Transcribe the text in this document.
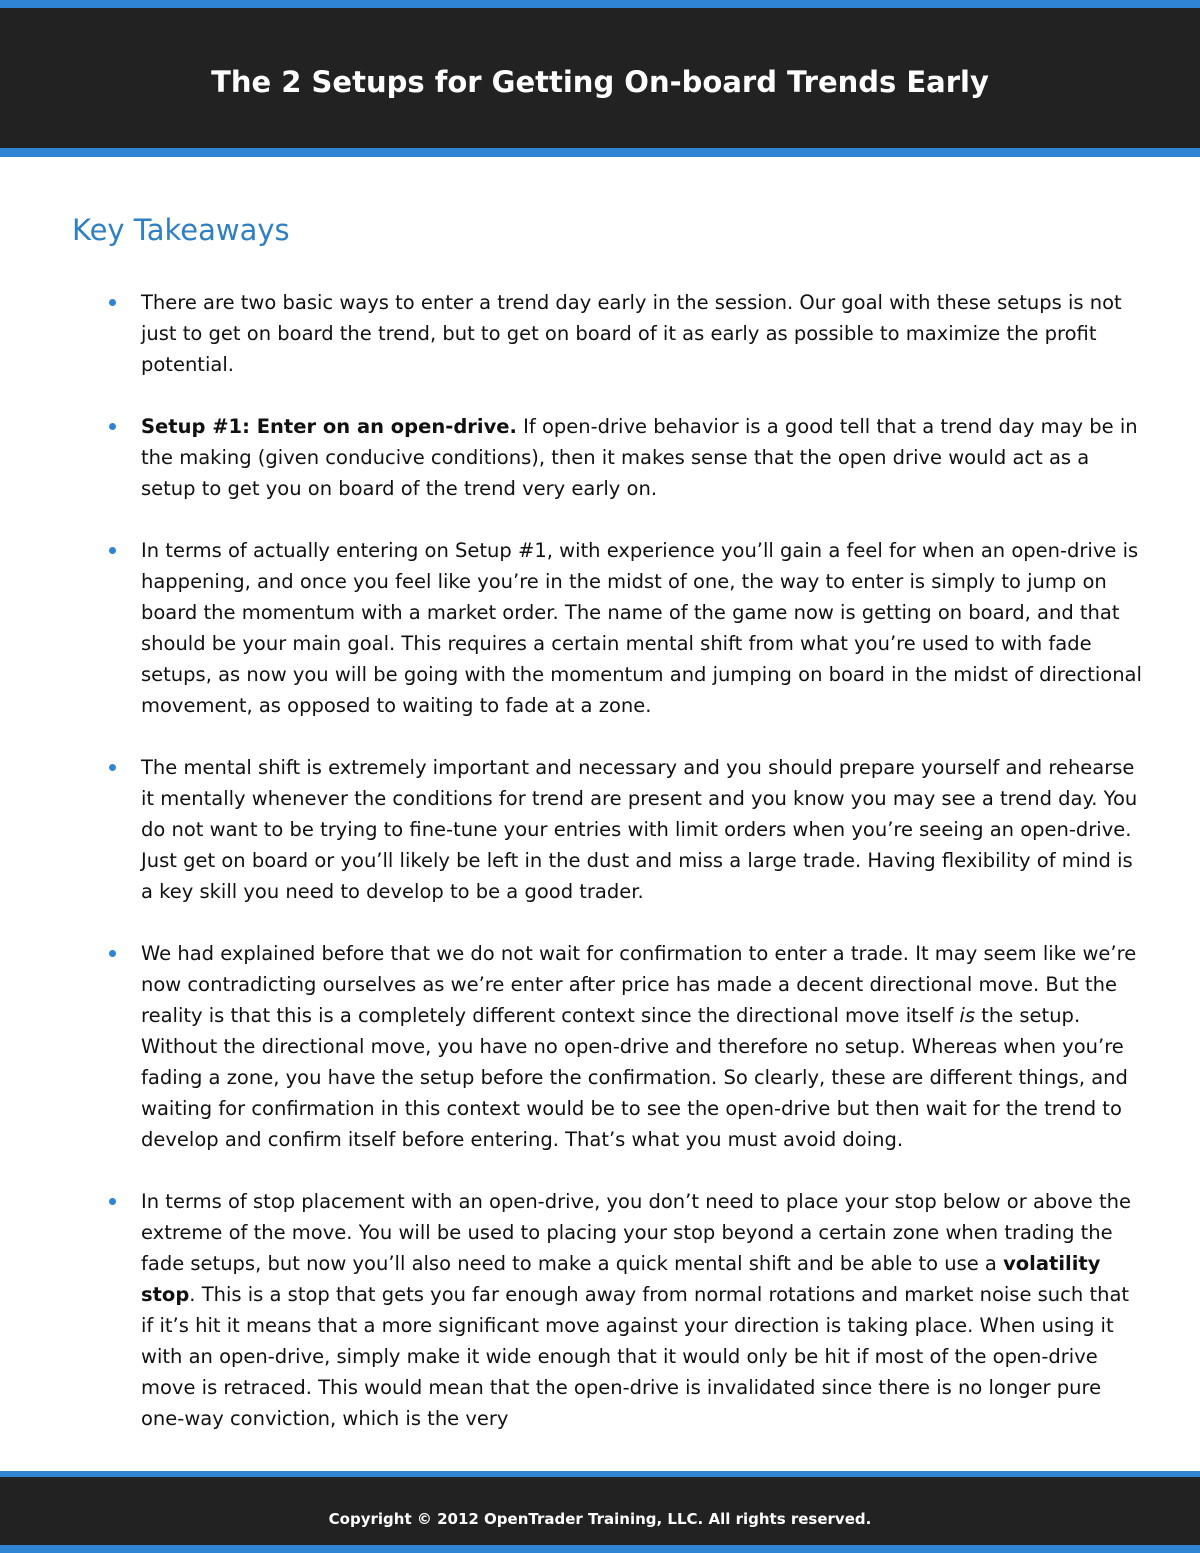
The 2 Setups for Getting On-board Trends Early
Key Takeaways
There are two basic ways to enter a trend day early in the session. Our goal with these setups is not just to get on board the trend, but to get on board of it as early as possible to maximize the profit potential.
Setup #1: Enter on an open-drive. If open-drive behavior is a good tell that a trend day may be in the making (given conducive conditions), then it makes sense that the open drive would act as a setup to get you on board of the trend very early on.
In terms of actually entering on Setup #1, with experience you’ll gain a feel for when an open-drive is happening, and once you feel like you’re in the midst of one, the way to enter is simply to jump on board the momentum with a market order. The name of the game now is getting on board, and that should be your main goal. This requires a certain mental shift from what you’re used to with fade setups, as now you will be going with the momentum and jumping on board in the midst of directional movement, as opposed to waiting to fade at a zone.
The mental shift is extremely important and necessary and you should prepare yourself and rehearse it mentally whenever the conditions for trend are present and you know you may see a trend day. You do not want to be trying to fine-tune your entries with limit orders when you’re seeing an open-drive. Just get on board or you’ll likely be left in the dust and miss a large trade. Having flexibility of mind is a key skill you need to develop to be a good trader.
We had explained before that we do not wait for confirmation to enter a trade. It may seem like we’re now contradicting ourselves as we’re enter after price has made a decent directional move. But the reality is that this is a completely different context since the directional move itself is the setup. Without the directional move, you have no open-drive and therefore no setup. Whereas when you’re fading a zone, you have the setup before the confirmation. So clearly, these are different things, and waiting for confirmation in this context would be to see the open-drive but then wait for the trend to develop and confirm itself before entering. That’s what you must avoid doing.
In terms of stop placement with an open-drive, you don’t need to place your stop below or above the extreme of the move. You will be used to placing your stop beyond a certain zone when trading the fade setups, but now you’ll also need to make a quick mental shift and be able to use a volatility stop. This is a stop that gets you far enough away from normal rotations and market noise such that if it’s hit it means that a more significant move against your direction is taking place. When using it with an open-drive, simply make it wide enough that it would only be hit if most of the open-drive move is retraced. This would mean that the open-drive is invalidated since there is no longer pure one-way conviction, which is the very
Copyright © 2012 OpenTrader Training, LLC. All rights reserved.
